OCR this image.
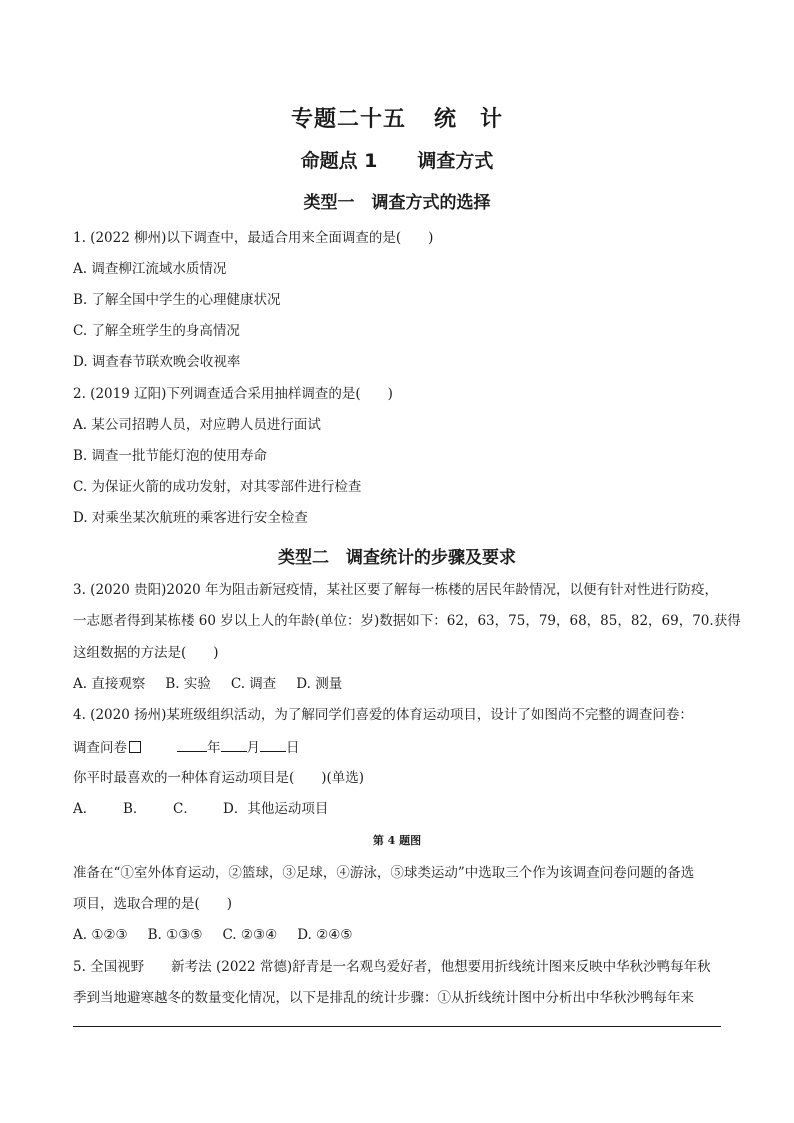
专题二十五 统　计
命题点 1 调查方式
类型一　调查方式的选择
1. (2022 柳州)以下调查中，最适合用来全面调查的是(　　)
A. 调查柳江流域水质情况
B. 了解全国中学生的心理健康状况
C. 了解全班学生的身高情况
D. 调查春节联欢晚会收视率
2. (2019 辽阳)下列调查适合采用抽样调查的是(　　)
A. 某公司招聘人员，对应聘人员进行面试
B. 调查一批节能灯泡的使用寿命
C. 为保证火箭的成功发射，对其零部件进行检查
D. 对乘坐某次航班的乘客进行安全检查
类型二　调查统计的步骤及要求
3. (2020 贵阳)2020 年为阻击新冠疫情，某社区要了解每一栋楼的居民年龄情况，以便有针对性进行防疫，
一志愿者得到某栋楼 60 岁以上人的年龄(单位：岁)数据如下：62，63，75，79，68，85，82，69，70.获得
这组数据的方法是(　　)
A. 直接观察 B. 实验 C. 调查 D. 测量
4. (2020 扬州)某班级组织活动，为了解同学们喜爱的体育运动项目，设计了如图尚不完整的调查问卷：
调查问卷	年 月 日
你平时最喜欢的一种体育运动项目是(　　)(单选)
A． B． C． D．其他运动项目
第 4 题图
准备在“①室外体育运动，②篮球，③足球，④游泳，⑤球类运动”中选取三个作为该调查问卷问题的备选
项目，选取合理的是(　　)
A. ①②③ B. ①③⑤ C. ②③④ D. ②④⑤
5. 全国视野　　新考法 (2022 常德)舒青是一名观鸟爱好者，他想要用折线统计图来反映中华秋沙鸭每年秋
季到当地避寒越冬的数量变化情况，以下是排乱的统计步骤：①从折线统计图中分析出中华秋沙鸭每年来
